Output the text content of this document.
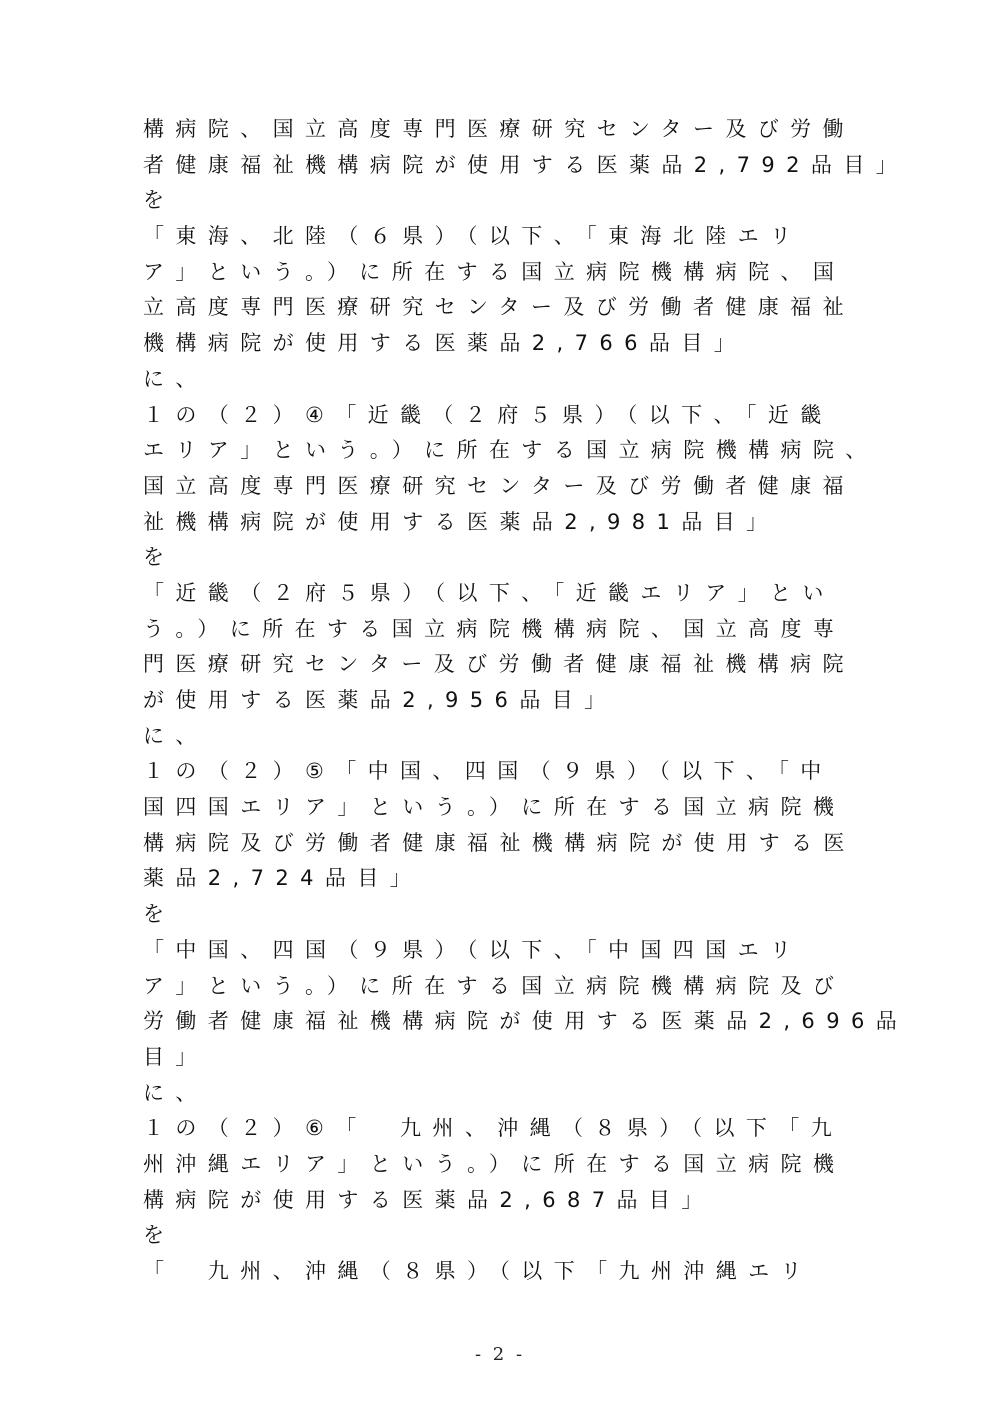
構病院、国立高度専門医療研究センター及び労働
者健康福祉機構病院が使用する医薬品2,792品目」
を
「東海、北陸（６県）（以下、「東海北陸エリ
ア」という。）に所在する国立病院機構病院、国
立高度専門医療研究センター及び労働者健康福祉
機構病院が使用する医薬品2,766品目」
に、
１の（２）④「近畿（２府５県）（以下、「近畿
エリア」という。）に所在する国立病院機構病院、
国立高度専門医療研究センター及び労働者健康福
祉機構病院が使用する医薬品2,981品目」
を
「近畿（２府５県）（以下、「近畿エリア」とい
う。）に所在する国立病院機構病院、国立高度専
門医療研究センター及び労働者健康福祉機構病院
が使用する医薬品2,956品目」
に、
１の（２）⑤「中国、四国（９県）（以下、「中
国四国エリア」という。）に所在する国立病院機
構病院及び労働者健康福祉機構病院が使用する医
薬品2,724品目」
を
「中国、四国（９県）（以下、「中国四国エリ
ア」という。）に所在する国立病院機構病院及び
労働者健康福祉機構病院が使用する医薬品2,696品
目」
に、
１の（２）⑥「　九州、沖縄（８県）（以下「九
州沖縄エリア」という。）に所在する国立病院機
構病院が使用する医薬品2,687品目」
を
「　九州、沖縄（８県）（以下「九州沖縄エリ
- 2 -
